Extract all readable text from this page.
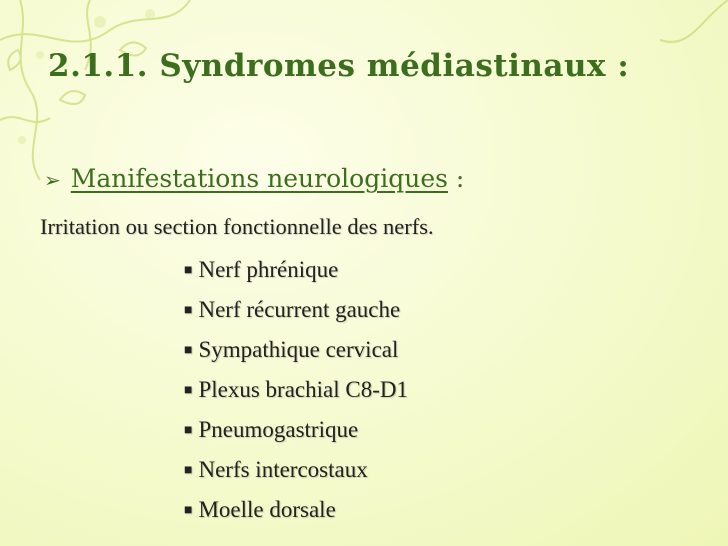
2.1.1. Syndromes médiastinaux :
➢ Manifestations neurologiques :
Irritation ou section fonctionnelle des nerfs.
■ Nerf phrénique
■ Nerf récurrent gauche
■ Sympathique cervical
■ Plexus brachial C8-D1
■ Pneumogastrique
■ Nerfs intercostaux
■ Moelle dorsale
